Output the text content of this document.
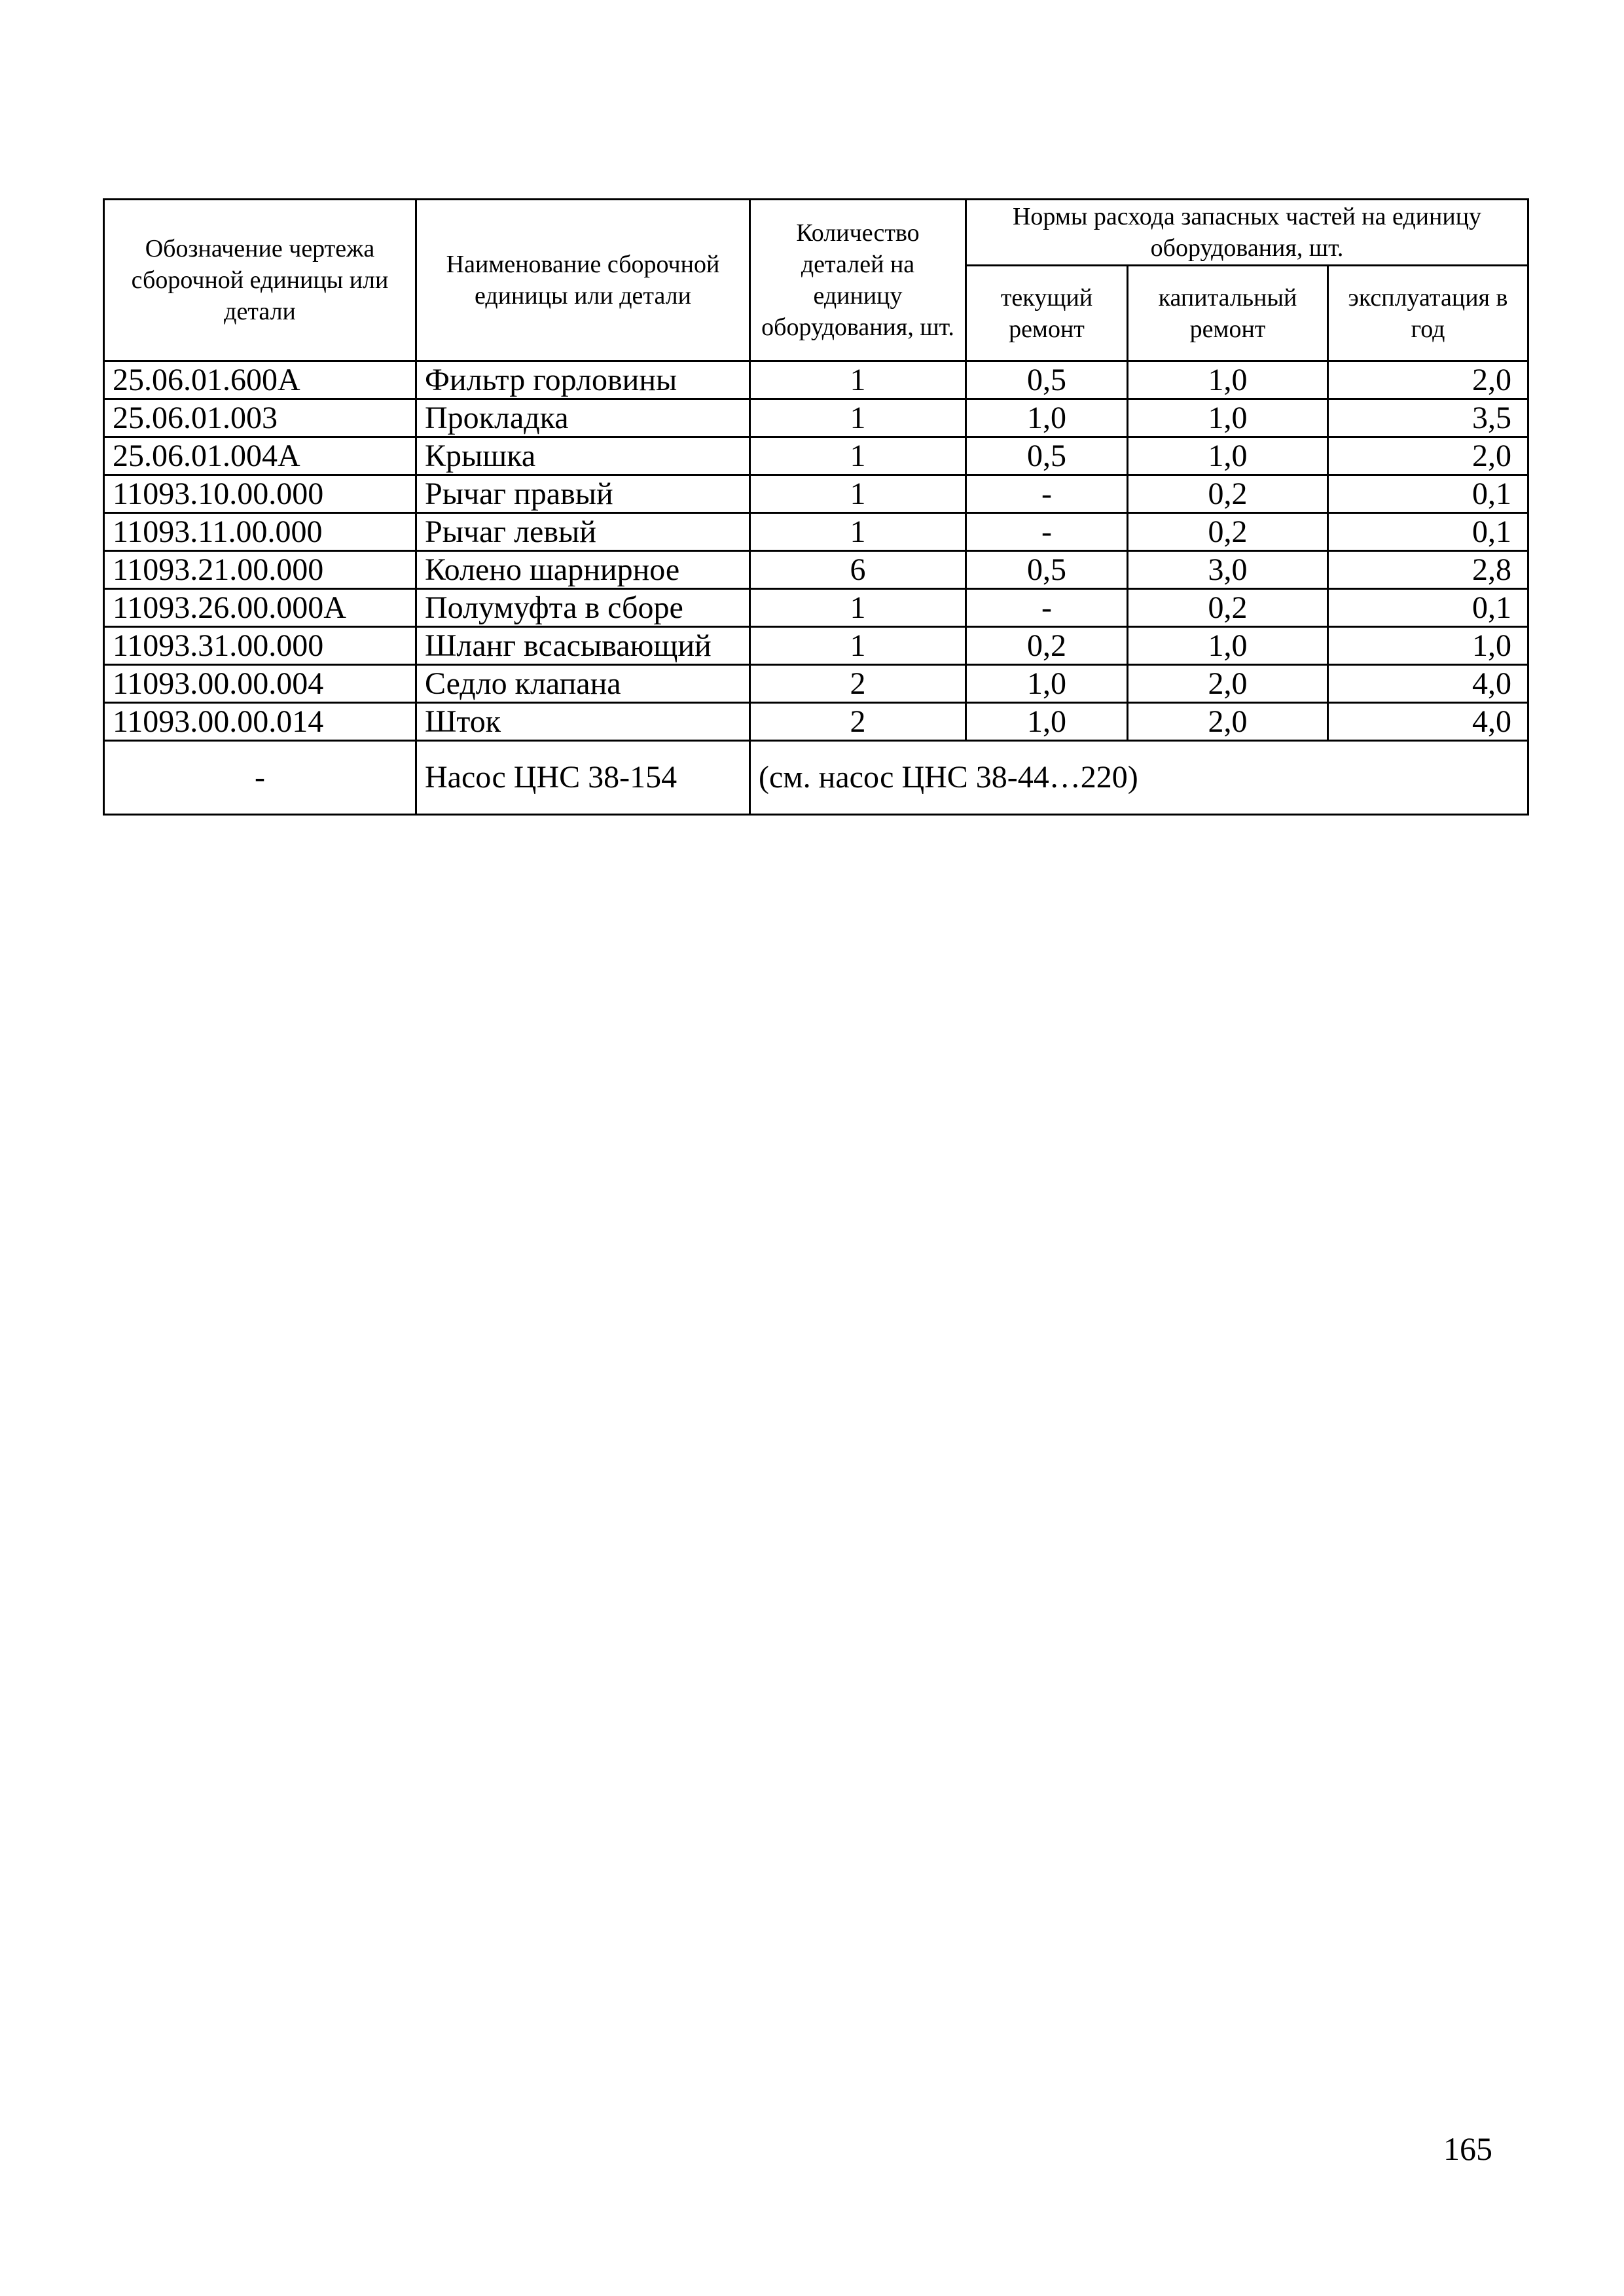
Обозначение чертежа сборочной единицы или детали	Наименование сборочной единицы или детали	Количество деталей на единицу оборудования, шт.	Нормы расхода запасных частей на единицу оборудования, шт.		
			текущий ремонт	капитальный ремонт	эксплуатация в год
25.06.01.600А	Фильтр горловины	1	0,5	1,0	2,0
25.06.01.003	Прокладка	1	1,0	1,0	3,5
25.06.01.004А	Крышка	1	0,5	1,0	2,0
11093.10.00.000	Рычаг правый	1	-	0,2	0,1
11093.11.00.000	Рычаг левый	1	-	0,2	0,1
11093.21.00.000	Колено шарнирное	6	0,5	3,0	2,8
11093.26.00.000А	Полумуфта в сборе	1	-	0,2	0,1
11093.31.00.000	Шланг всасывающий	1	0,2	1,0	1,0
11093.00.00.004	Седло клапана	2	1,0	2,0	4,0
11093.00.00.014	Шток	2	1,0	2,0	4,0
-	Насос ЦНС 38-154	(см. насос ЦНС 38-44…220)			
165
